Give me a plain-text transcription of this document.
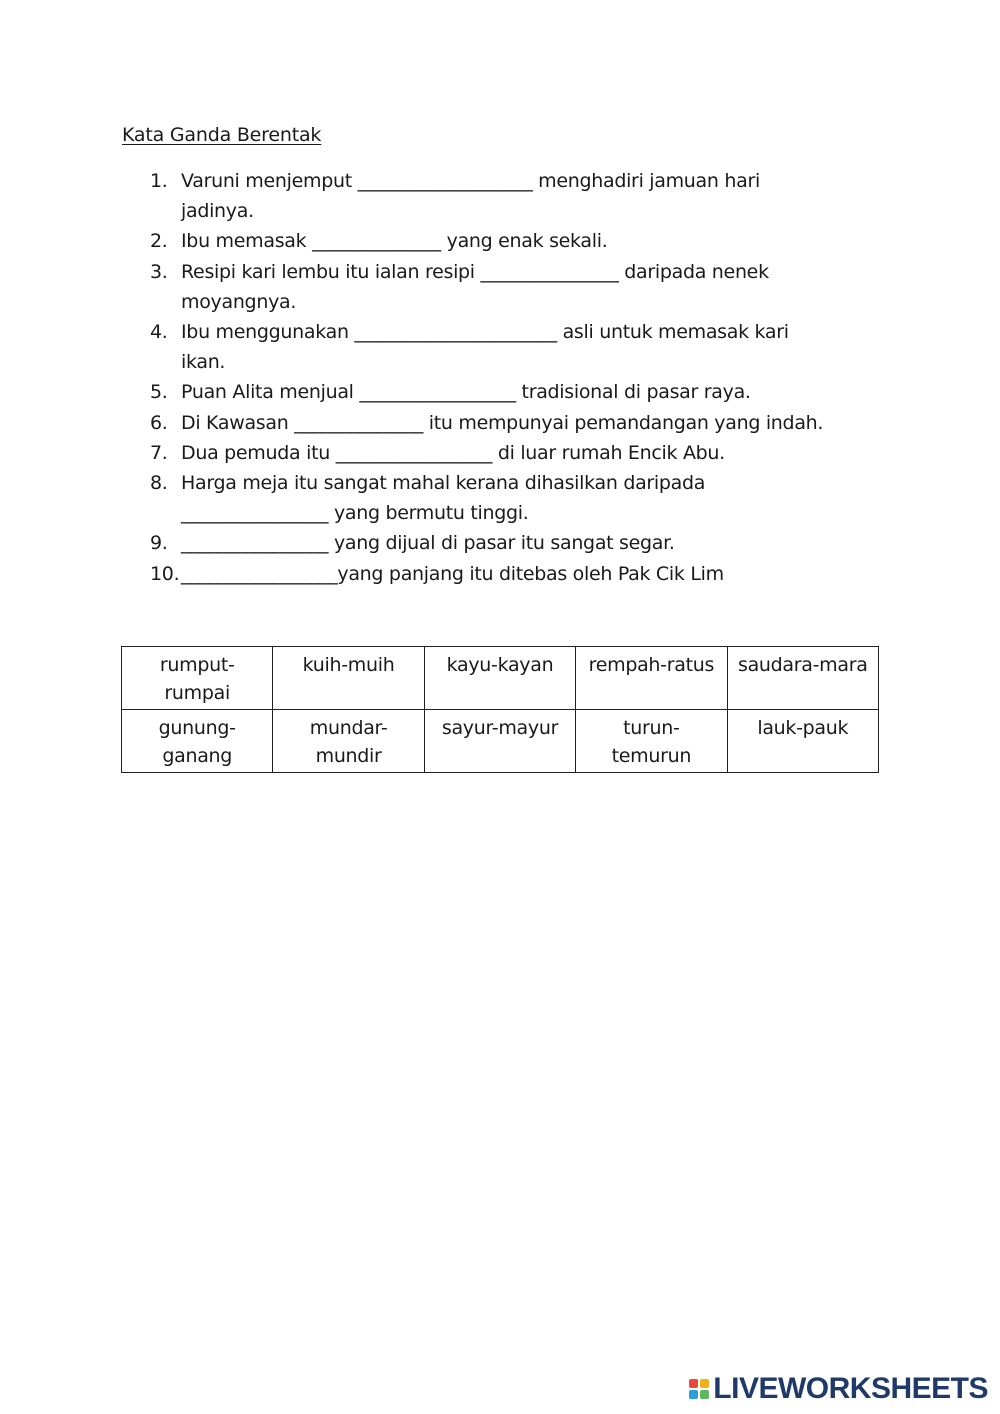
Kata Ganda Berentak
1. Varuni menjemput ___________________ menghadiri jamuan hari
jadinya.
2. Ibu memasak ______________ yang enak sekali.
3. Resipi kari lembu itu ialan resipi _______________ daripada nenek
moyangnya.
4. Ibu menggunakan ______________________ asli untuk memasak kari
ikan.
5. Puan Alita menjual _________________ tradisional di pasar raya.
6. Di Kawasan ______________ itu mempunyai pemandangan yang indah.
7. Dua pemuda itu _________________ di luar rumah Encik Abu.
8. Harga meja itu sangat mahal kerana dihasilkan daripada
________________ yang bermutu tinggi.
9. ________________ yang dijual di pasar itu sangat segar.
10. _________________yang panjang itu ditebas oleh Pak Cik Lim
rumput-
rumpai	kuih-muih	kayu-kayan	rempah-ratus	saudara-mara

gunung-
ganang	mundar-
mundir	sayur-mayur	turun-
temurun	lauk-pauk
LIVEWORKSHEETS
